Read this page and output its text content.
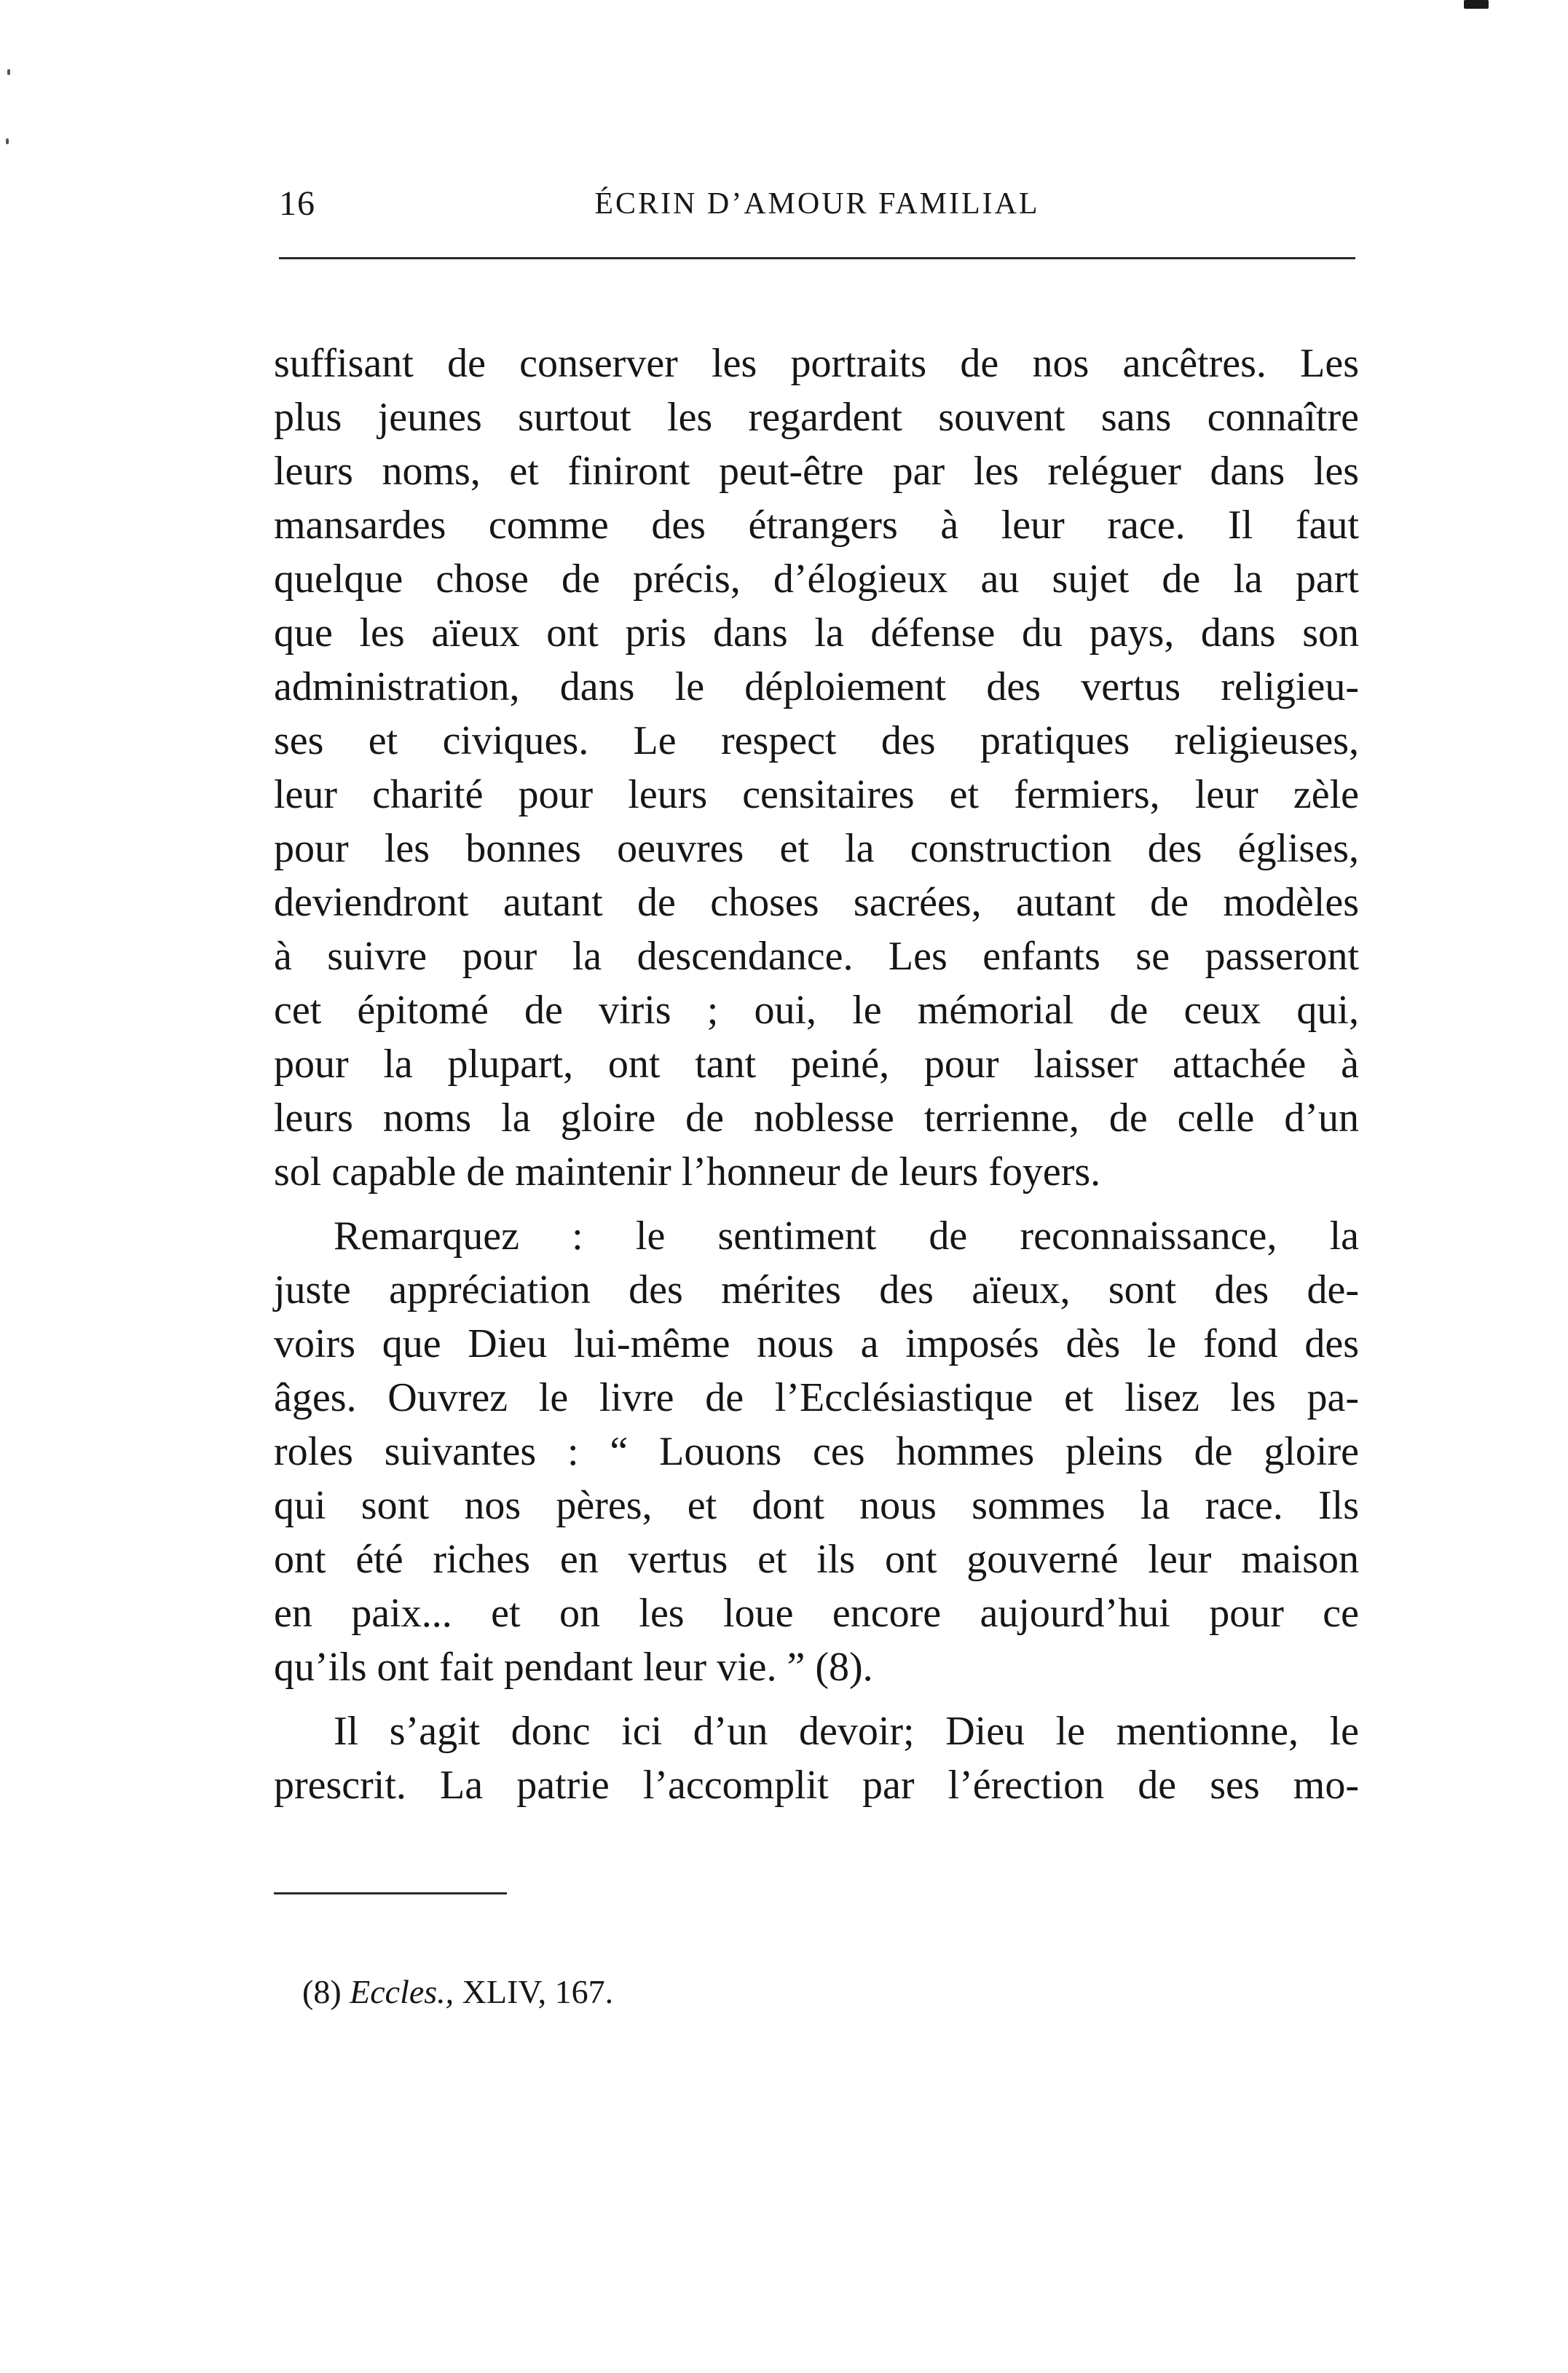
16	ÉCRIN D’AMOUR FAMILIAL
suffisant de conserver les portraits de nos ancêtres. Les
plus jeunes surtout les regardent souvent sans connaître
leurs noms, et finiront peut-être par les reléguer dans les
mansardes comme des étrangers à leur race. Il faut
quelque chose de précis, d’élogieux au sujet de la part
que les aïeux ont pris dans la défense du pays, dans son
administration, dans le déploiement des vertus religieu-
ses et civiques. Le respect des pratiques religieuses,
leur charité pour leurs censitaires et fermiers, leur zèle
pour les bonnes oeuvres et la construction des églises,
deviendront autant de choses sacrées, autant de modèles
à suivre pour la descendance. Les enfants se passeront
cet épitomé de viris ; oui, le mémorial de ceux qui,
pour la plupart, ont tant peiné, pour laisser attachée à
leurs noms la gloire de noblesse terrienne, de celle d’un
sol capable de maintenir l’honneur de leurs foyers.
Remarquez : le sentiment de reconnaissance, la
juste appréciation des mérites des aïeux, sont des de-
voirs que Dieu lui-même nous a imposés dès le fond des
âges. Ouvrez le livre de l’Ecclésiastique et lisez les pa-
roles suivantes : “ Louons ces hommes pleins de gloire
qui sont nos pères, et dont nous sommes la race. Ils
ont été riches en vertus et ils ont gouverné leur maison
en paix... et on les loue encore aujourd’hui pour ce
qu’ils ont fait pendant leur vie. ” (8).
Il s’agit donc ici d’un devoir; Dieu le mentionne, le
prescrit. La patrie l’accomplit par l’érection de ses mo-
(8) Eccles., XLIV, 167.
